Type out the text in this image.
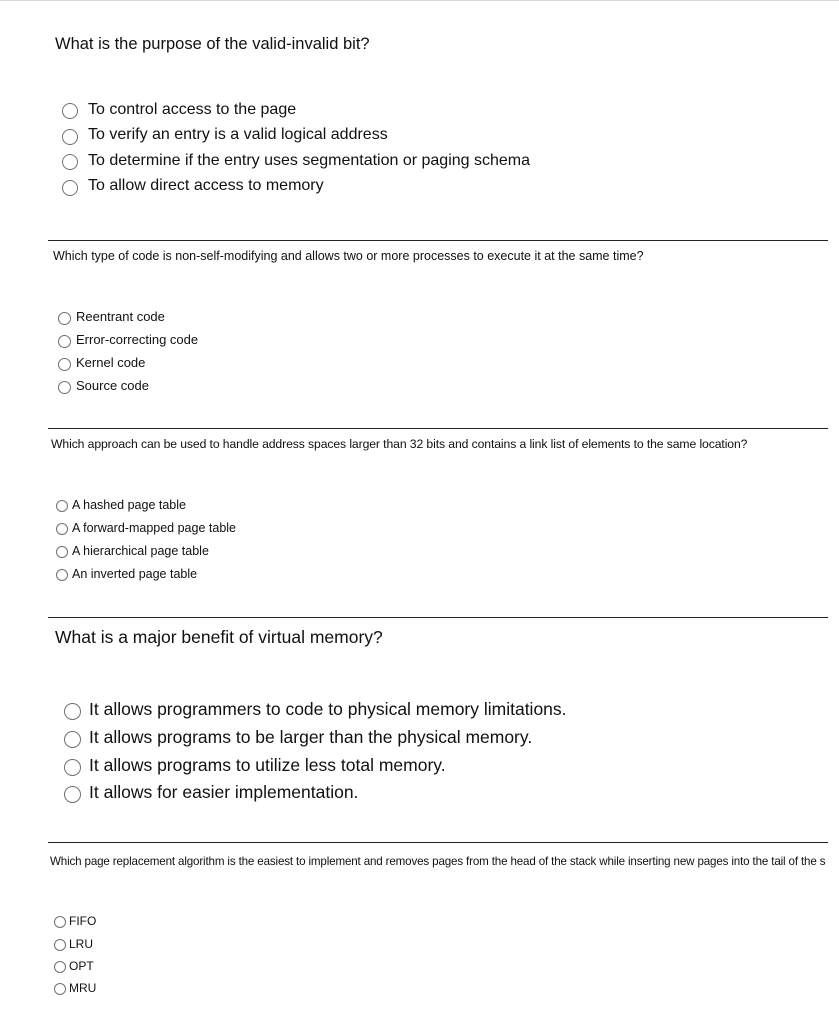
What is the purpose of the valid-invalid bit?
To control access to the page
To verify an entry is a valid logical address
To determine if the entry uses segmentation or paging schema
To allow direct access to memory
Which type of code is non-self-modifying and allows two or more processes to execute it at the same time?
Reentrant code
Error-correcting code
Kernel code
Source code
Which approach can be used to handle address spaces larger than 32 bits and contains a link list of elements to the same location?
A hashed page table
A forward-mapped page table
A hierarchical page table
An inverted page table
What is a major benefit of virtual memory?
It allows programmers to code to physical memory limitations.
It allows programs to be larger than the physical memory.
It allows programs to utilize less total memory.
It allows for easier implementation.
Which page replacement algorithm is the easiest to implement and removes pages from the head of the stack while inserting new pages into the tail of the s
FIFO
LRU
OPT
MRU
